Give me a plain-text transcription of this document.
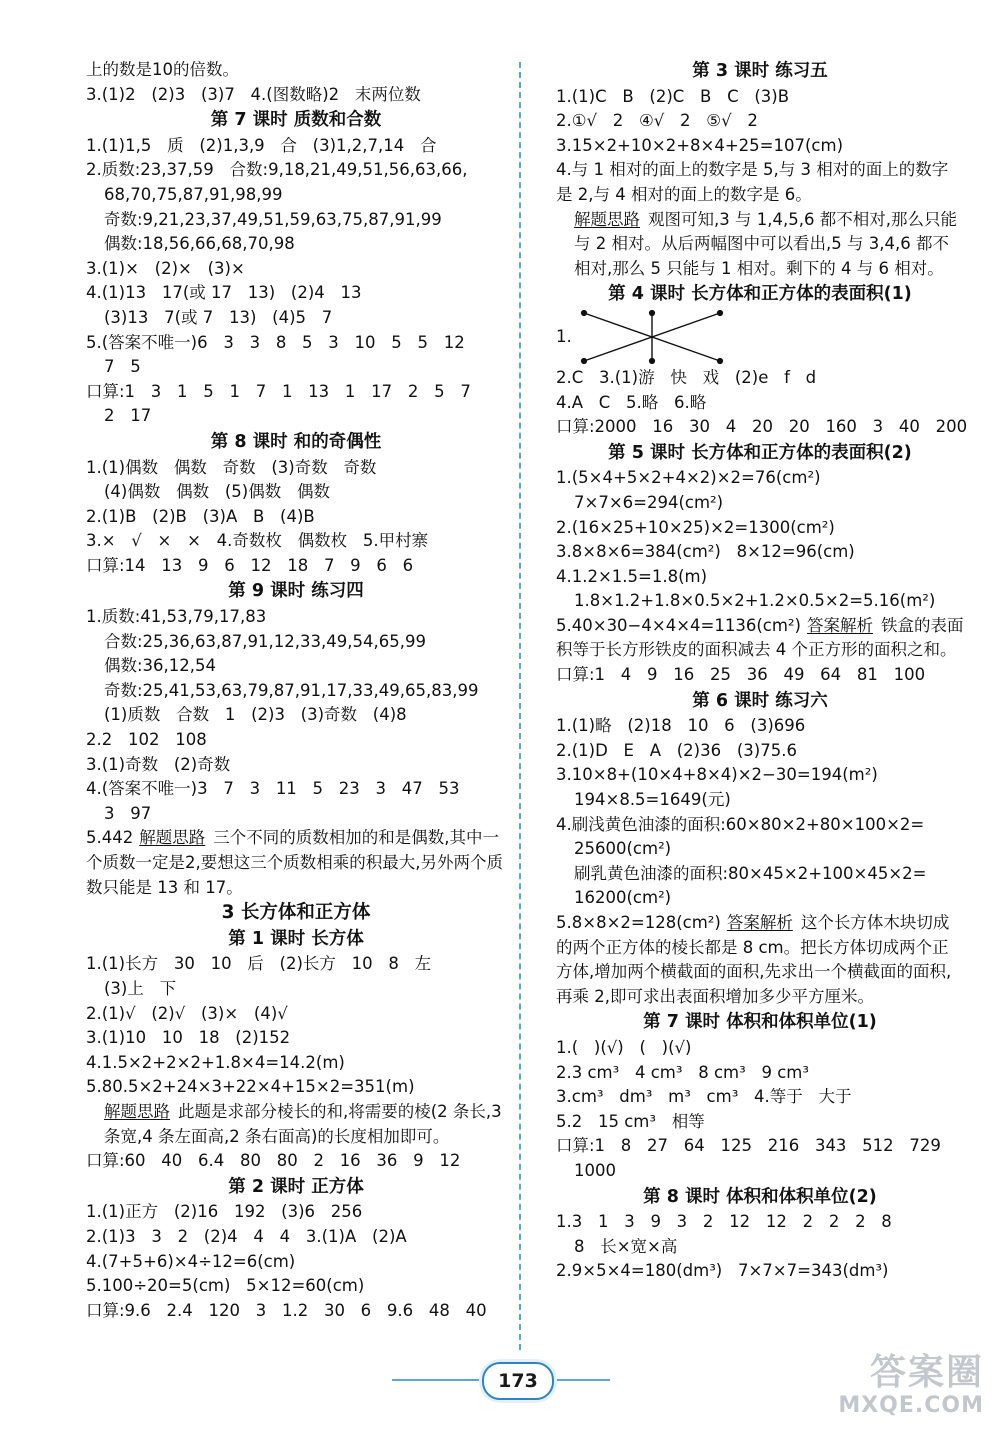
上的数是10的倍数。
3.(1)2   (2)3   (3)7   4.(图数略)2   末两位数
第 7 课时 质数和合数
1.(1)1,5   质   (2)1,3,9   合   (3)1,2,7,14   合
2.质数:23,37,59   合数:9,18,21,49,51,56,63,66,
68,70,75,87,91,98,99
奇数:9,21,23,37,49,51,59,63,75,87,91,99
偶数:18,56,66,68,70,98
3.(1)×   (2)×   (3)×
4.(1)13   17(或 17   13)   (2)4   13
(3)13   7(或 7   13)   (4)5   7
5.(答案不唯一)6   3   3   8   5   3   10   5   5   12
7   5
口算:1   3   1   5   1   7   1   13   1   17   2   5   7
2   17
第 8 课时 和的奇偶性
1.(1)偶数   偶数   奇数   (3)奇数   奇数
(4)偶数   偶数   (5)偶数   偶数
2.(1)B   (2)B   (3)A   B   (4)B
3.×   √   ×   ×   4.奇数枚   偶数枚   5.甲村寨
口算:14   13   9   6   12   18   7   9   6   6
第 9 课时 练习四
1.质数:41,53,79,17,83
合数:25,36,63,87,91,12,33,49,54,65,99
偶数:36,12,54
奇数:25,41,53,63,79,87,91,17,33,49,65,83,99
(1)质数   合数   1   (2)3   (3)奇数   (4)8
2.2   102   108
3.(1)奇数   (2)奇数
4.(答案不唯一)3   7   3   11   5   23   3   47   53
3   97
5.442 解题思路 三个不同的质数相加的和是偶数,其中一个质数一定是2,要想这三个质数相乘的积最大,另外两个质数只能是 13 和 17。
3 长方体和正方体
第 1 课时 长方体
1.(1)长方   30   10   后   (2)长方   10   8   左
(3)上   下
2.(1)√   (2)√   (3)×   (4)√
3.(1)10   10   18   (2)152
4.1.5×2+2×2+1.8×4=14.2(m)
5.80.5×2+24×3+22×4+15×2=351(m)
解题思路 此题是求部分棱长的和,将需要的棱(2 条长,3 条宽,4 条左面高,2 条右面高)的长度相加即可。
口算:60   40   6.4   80   80   2   16   36   9   12
第 2 课时 正方体
1.(1)正方   (2)16   192   (3)6   256
2.(1)3   3   2   (2)4   4   4   3.(1)A   (2)A
4.(7+5+6)×4÷12=6(cm)
5.100÷20=5(cm)   5×12=60(cm)
口算:9.6   2.4   120   3   1.2   30   6   9.6   48   40
第 3 课时 练习五
1.(1)C   B   (2)C   B   C   (3)B
2.①√   2   ④√   2   ⑤√   2
3.15×2+10×2+8×4+25=107(cm)
4.与 1 相对的面上的数字是 5,与 3 相对的面上的数字是 2,与 4 相对的面上的数字是 6。
解题思路 观图可知,3 与 1,4,5,6 都不相对,那么只能与 2 相对。从后两幅图中可以看出,5 与 3,4,6 都不相对,那么 5 只能与 1 相对。剩下的 4 与 6 相对。
第 4 课时 长方体和正方体的表面积(1)
1.
2.C   3.(1)游   快   戏   (2)e   f   d
4.A   C   5.略   6.略
口算:2000   16   30   4   20   20   160   3   40   200
第 5 课时 长方体和正方体的表面积(2)
1.(5×4+5×2+4×2)×2=76(cm²)
7×7×6=294(cm²)
2.(16×25+10×25)×2=1300(cm²)
3.8×8×6=384(cm²)   8×12=96(cm)
4.1.2×1.5=1.8(m)
1.8×1.2+1.8×0.5×2+1.2×0.5×2=5.16(m²)
5.40×30−4×4×4=1136(cm²) 答案解析 铁盒的表面积等于长方形铁皮的面积减去 4 个正方形的面积之和。
口算:1   4   9   16   25   36   49   64   81   100
第 6 课时 练习六
1.(1)略   (2)18   10   6   (3)696
2.(1)D   E   A   (2)36   (3)75.6
3.10×8+(10×4+8×4)×2−30=194(m²)
194×8.5=1649(元)
4.刷浅黄色油漆的面积:60×80×2+80×100×2=
25600(cm²)
刷乳黄色油漆的面积:80×45×2+100×45×2=
16200(cm²)
5.8×8×2=128(cm²) 答案解析 这个长方体木块切成的两个正方体的棱长都是 8 cm。把长方体切成两个正方体,增加两个横截面的面积,先求出一个横截面的面积,再乘 2,即可求出表面积增加多少平方厘米。
第 7 课时 体积和体积单位(1)
1.(   )(√)   (   )(√)
2.3 cm³   4 cm³   8 cm³   9 cm³
3.cm³   dm³   m³   cm³   4.等于   大于
5.2   15 cm³   相等
口算:1   8   27   64   125   216   343   512   729
1000
第 8 课时 体积和体积单位(2)
1.3   1   3   9   3   2   12   12   2   2   2   8
8   长×宽×高
2.9×5×4=180(dm³)   7×7×7=343(dm³)
173	答案圈
MXQE.COM
